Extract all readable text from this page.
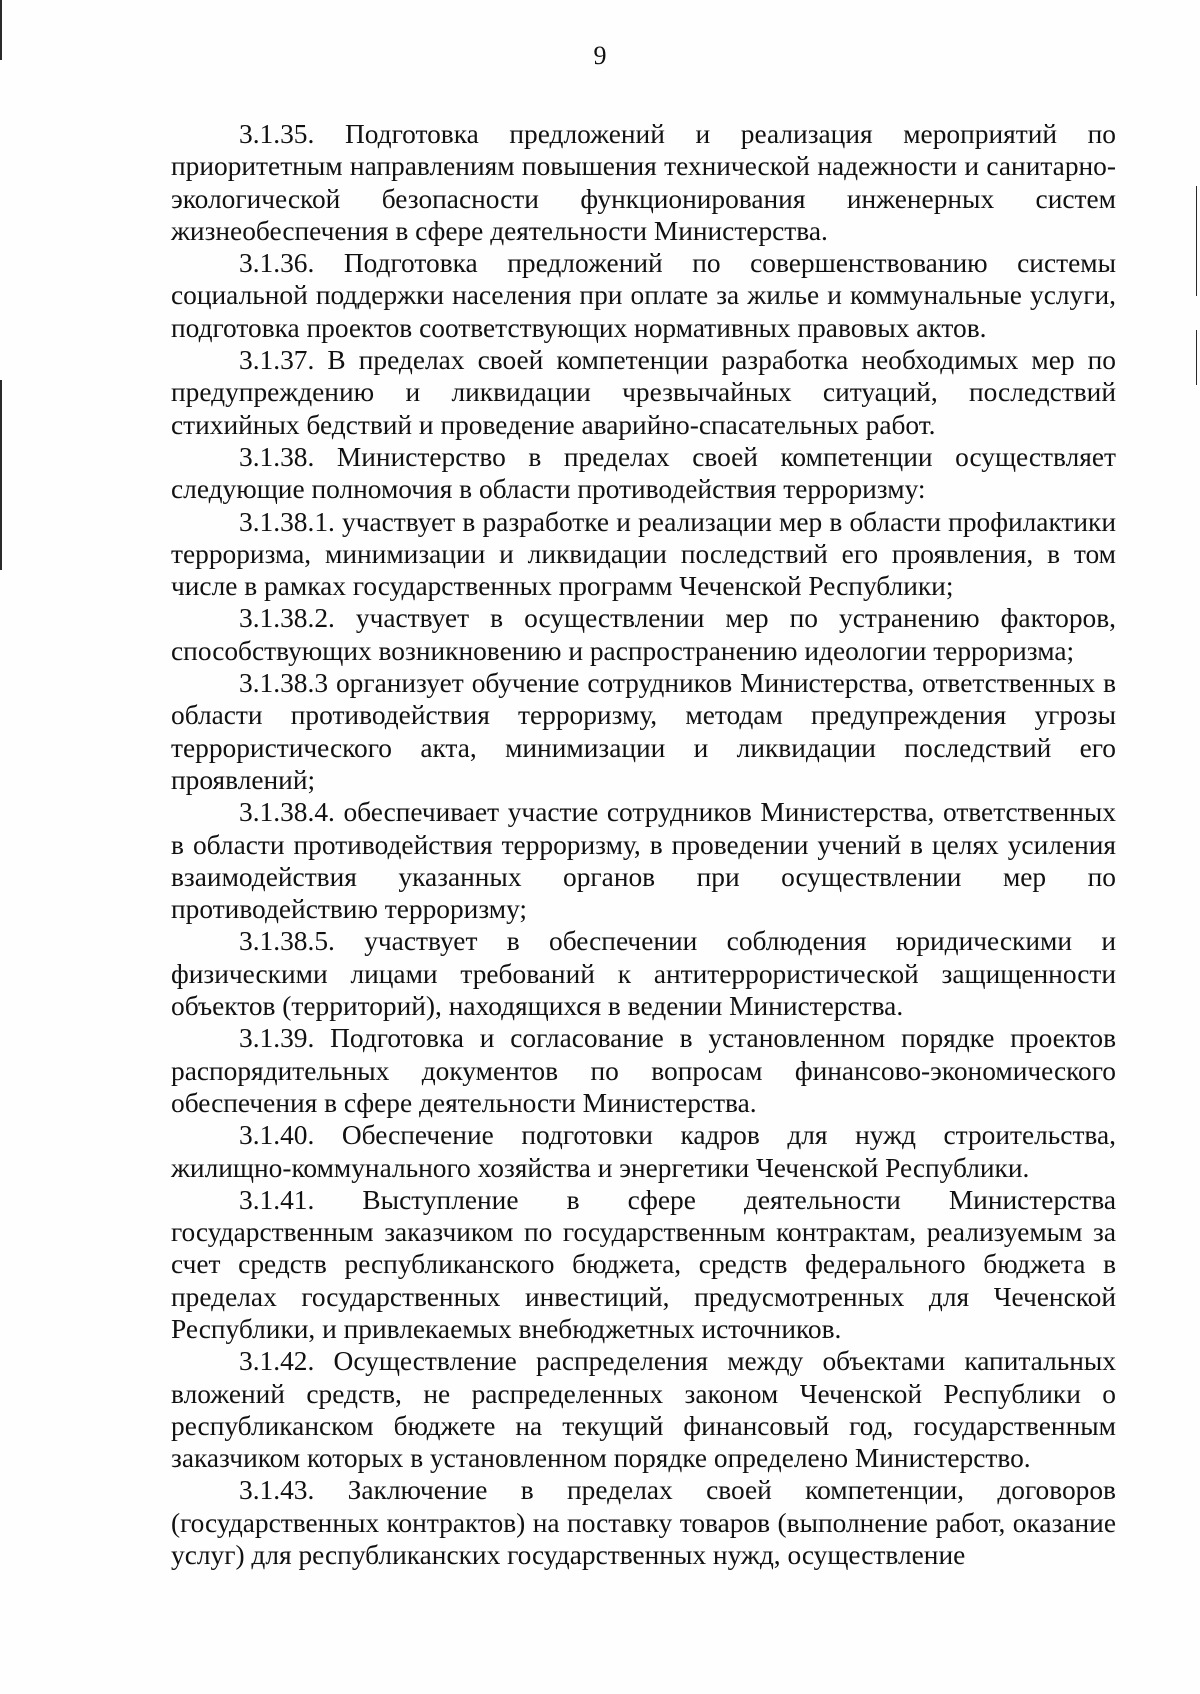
9

3.1.35. Подготовка предложений и реализация мероприятий по приоритетным направлениям повышения технической надежности и санитарно-экологической безопасности функционирования инженерных систем жизнеобеспечения в сфере деятельности Министерства.

3.1.36. Подготовка предложений по совершенствованию системы социальной поддержки населения при оплате за жилье и коммунальные услуги, подготовка проектов соответствующих нормативных правовых актов.

3.1.37. В пределах своей компетенции разработка необходимых мер по предупреждению и ликвидации чрезвычайных ситуаций, последствий стихийных бедствий и проведение аварийно-спасательных работ.

3.1.38. Министерство в пределах своей компетенции осуществляет следующие полномочия в области противодействия терроризму:

3.1.38.1. участвует в разработке и реализации мер в области профилактики терроризма, минимизации и ликвидации последствий его проявления, в том числе в рамках государственных программ Чеченской Республики;

3.1.38.2. участвует в осуществлении мер по устранению факторов, способствующих возникновению и распространению идеологии терроризма;

3.1.38.3 организует обучение сотрудников Министерства, ответственных в области противодействия терроризму, методам предупреждения угрозы террористического акта, минимизации и ликвидации последствий его проявлений;

3.1.38.4. обеспечивает участие сотрудников Министерства, ответственных в области противодействия терроризму, в проведении учений в целях усиления взаимодействия указанных органов при осуществлении мер по противодействию терроризму;

3.1.38.5. участвует в обеспечении соблюдения юридическими и физическими лицами требований к антитеррористической защищенности объектов (территорий), находящихся в ведении Министерства.

3.1.39. Подготовка и согласование в установленном порядке проектов распорядительных документов по вопросам финансово-экономического обеспечения в сфере деятельности Министерства.

3.1.40. Обеспечение подготовки кадров для нужд строительства, жилищно-коммунального хозяйства и энергетики Чеченской Республики.

3.1.41. Выступление в сфере деятельности Министерства государственным заказчиком по государственным контрактам, реализуемым за счет средств республиканского бюджета, средств федерального бюджета в пределах государственных инвестиций, предусмотренных для Чеченской Республики, и привлекаемых внебюджетных источников.

3.1.42. Осуществление распределения между объектами капитальных вложений средств, не распределенных законом Чеченской Республики о республиканском бюджете на текущий финансовый год, государственным заказчиком которых в установленном порядке определено Министерство.

3.1.43. Заключение в пределах своей компетенции, договоров (государственных контрактов) на поставку товаров (выполнение работ, оказание услуг) для республиканских государственных нужд, осуществление
